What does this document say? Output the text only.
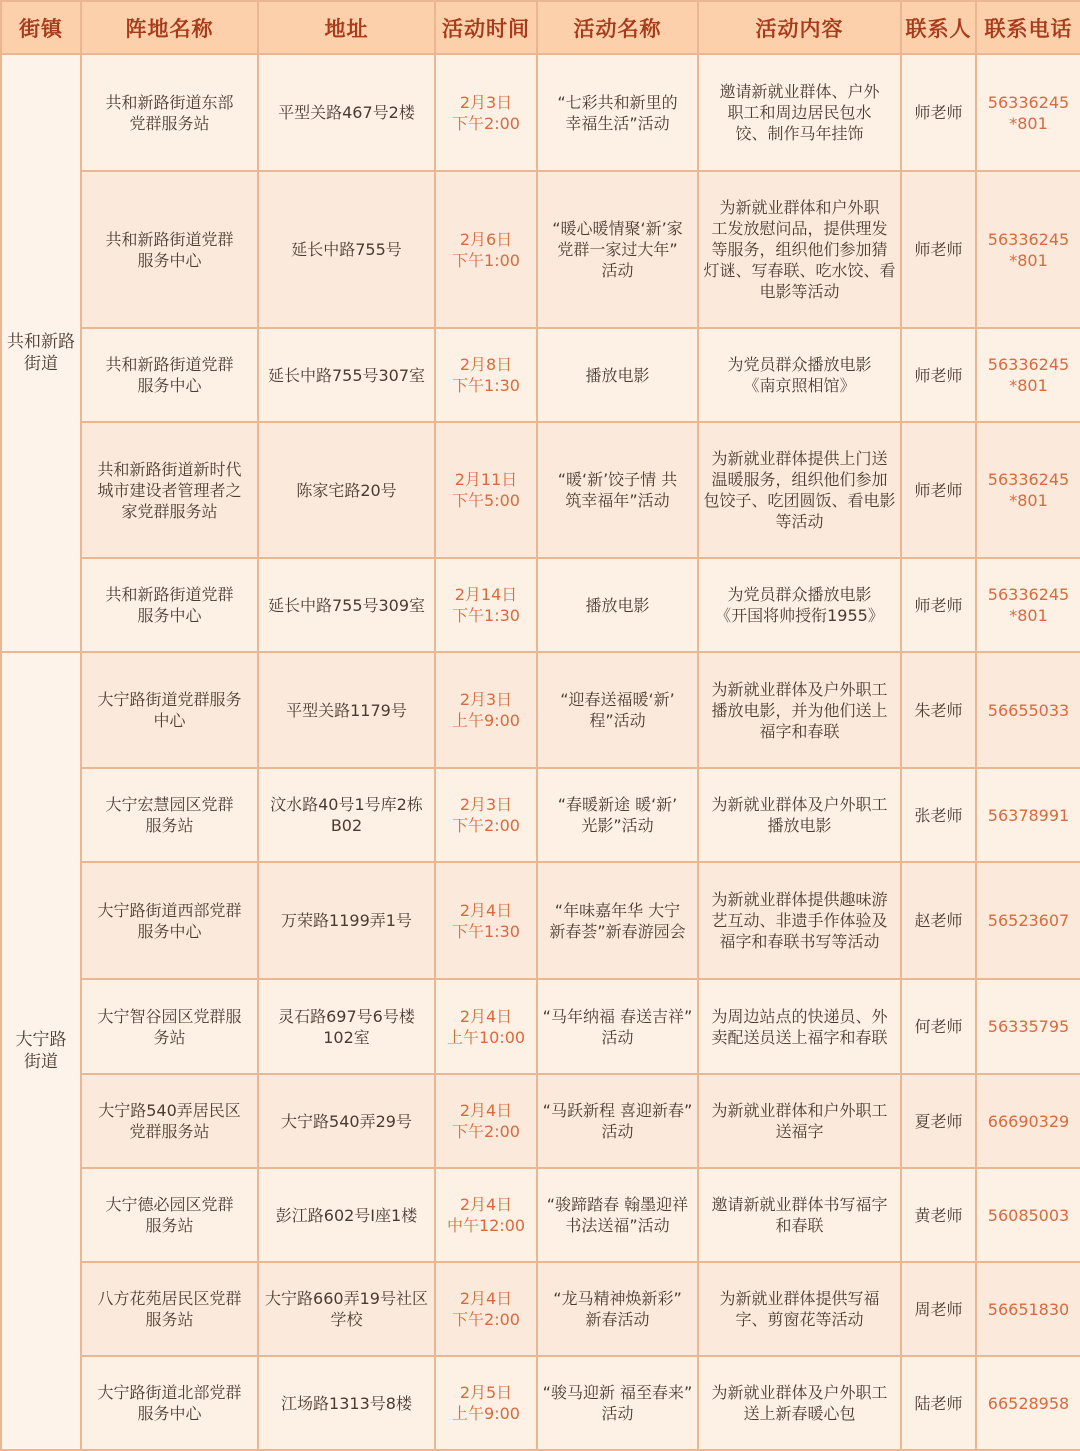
街镇	阵地名称	地址	活动时间	活动名称	活动内容	联系人	联系电话
共和新路
街道	共和新路街道东部
党群服务站	平型关路467号2楼	2月3日
下午2:00	“七彩共和新里的
幸福生活”活动	邀请新就业群体、户外
职工和周边居民包水
饺、制作马年挂饰	师老师	56336245
*801
	共和新路街道党群
服务中心	延长中路755号	2月6日
下午1:00	“暖心暖情聚‘新’家
党群一家过大年”
活动	为新就业群体和户外职
工发放慰问品，提供理发
等服务，组织他们参加猜
灯谜、写春联、吃水饺、看
电影等活动	师老师	56336245
*801
	共和新路街道党群
服务中心	延长中路755号307室	2月8日
下午1:30	播放电影	为党员群众播放电影
《南京照相馆》	师老师	56336245
*801
	共和新路街道新时代
城市建设者管理者之
家党群服务站	陈家宅路20号	2月11日
下午5:00	“暖‘新’饺子情 共
筑幸福年”活动	为新就业群体提供上门送
温暖服务，组织他们参加
包饺子、吃团圆饭、看电影
等活动	师老师	56336245
*801
	共和新路街道党群
服务中心	延长中路755号309室	2月14日
下午1:30	播放电影	为党员群众播放电影
《开国将帅授衔1955》	师老师	56336245
*801
大宁路
街道	大宁路街道党群服务
中心	平型关路1179号	2月3日
上午9:00	“迎春送福暖‘新’
程”活动	为新就业群体及户外职工
播放电影，并为他们送上
福字和春联	朱老师	56655033
	大宁宏慧园区党群
服务站	汶水路40号1号库2栋
B02	2月3日
下午2:00	“春暖新途 暖‘新’
光影”活动	为新就业群体及户外职工
播放电影	张老师	56378991
	大宁路街道西部党群
服务中心	万荣路1199弄1号	2月4日
下午1:30	“年味嘉年华 大宁
新春荟”新春游园会	为新就业群体提供趣味游
艺互动、非遗手作体验及
福字和春联书写等活动	赵老师	56523607
	大宁智谷园区党群服
务站	灵石路697号6号楼
102室	2月4日
上午10:00	“马年纳福 春送吉祥”
活动	为周边站点的快递员、外
卖配送员送上福字和春联	何老师	56335795
	大宁路540弄居民区
党群服务站	大宁路540弄29号	2月4日
下午2:00	“马跃新程 喜迎新春”
活动	为新就业群体和户外职工
送福字	夏老师	66690329
	大宁德必园区党群
服务站	彭江路602号I座1楼	2月4日
中午12:00	“骏蹄踏春 翰墨迎祥
书法送福”活动	邀请新就业群体书写福字
和春联	黄老师	56085003
	八方花苑居民区党群
服务站	大宁路660弄19号社区
学校	2月4日
下午2:00	“龙马精神焕新彩”
新春活动	为新就业群体提供写福
字、剪窗花等活动	周老师	56651830
	大宁路街道北部党群
服务中心	江场路1313号8楼	2月5日
上午9:00	“骏马迎新 福至春来”
活动	为新就业群体及户外职工
送上新春暖心包	陆老师	66528958
